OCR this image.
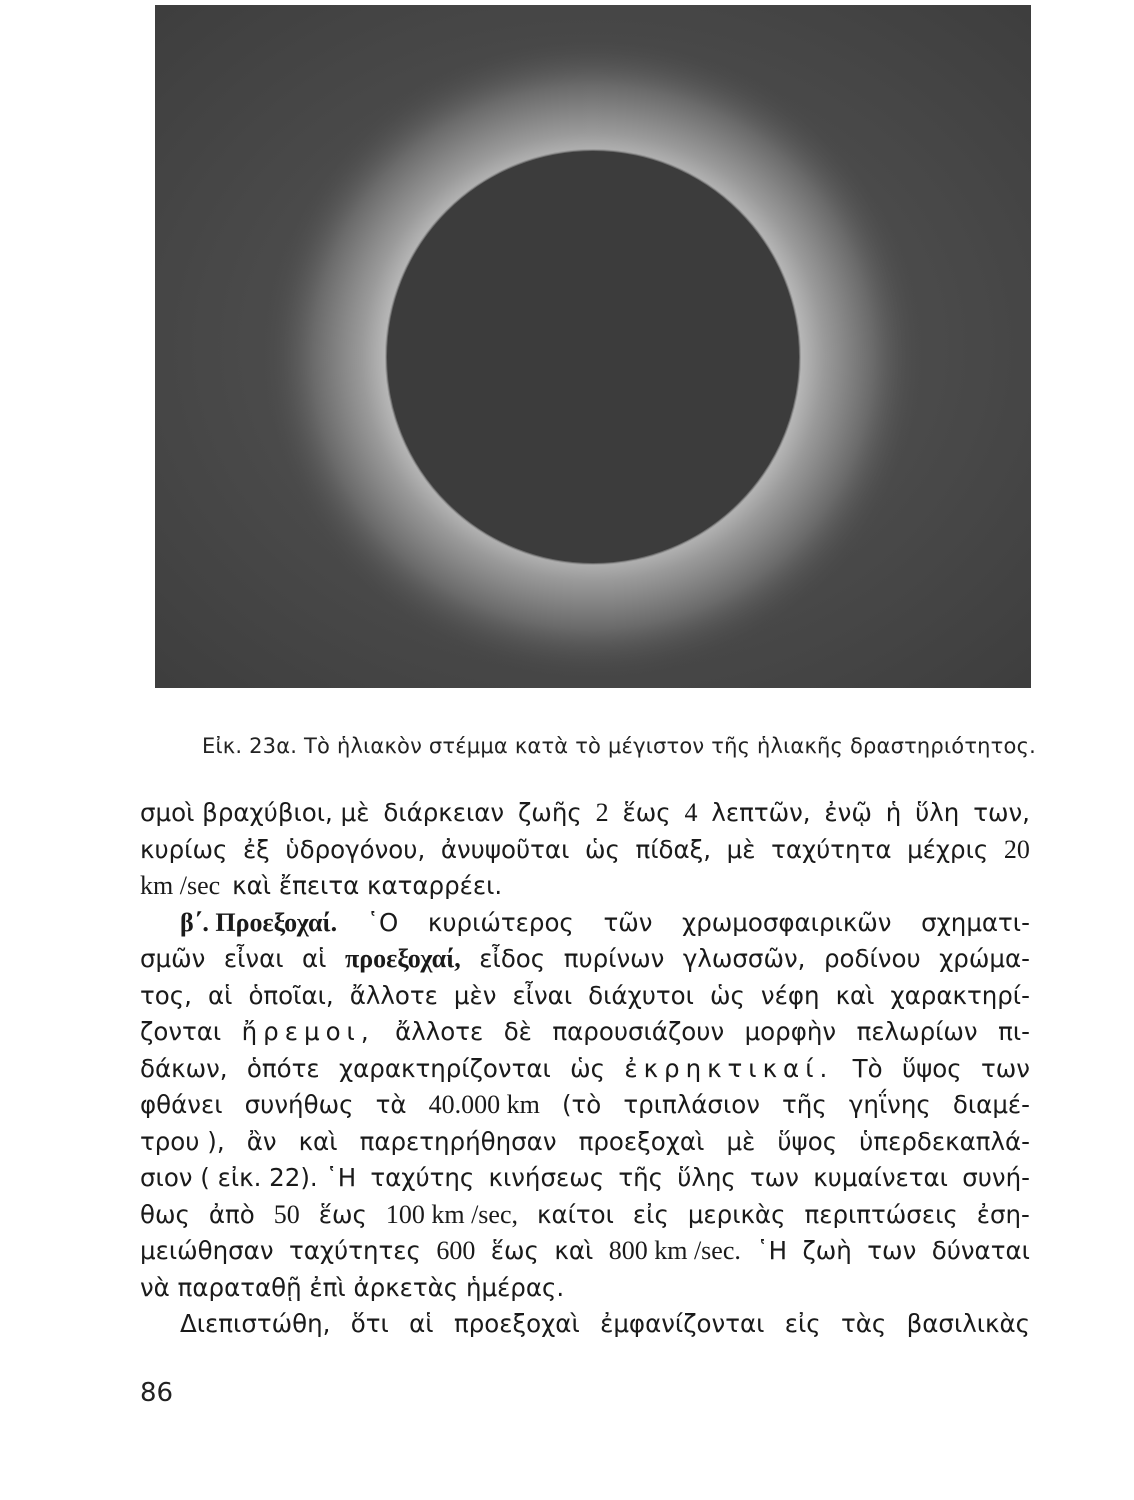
Εἰκ. 23α. Τὸ ἡλιακὸν στέμμα κατὰ τὸ μέγιστον τῆς ἡλιακῆς δραστηριότητος.
σμοὶ βραχύβιοι, μὲ διάρκειαν ζωῆς 2 ἕως 4 λεπτῶν, ἐνῷ ἡ ὕλη των,
κυρίως ἐξ ὑδρογόνου, ἀνυψοῦται ὡς πίδαξ, μὲ ταχύτητα μέχρις 20
km /sec καὶ ἔπειτα καταρρέει.
β΄. Προεξοχαί. ῾Ο κυριώτερος τῶν χρωμοσφαιρικῶν σχηματι-
σμῶν εἶναι αἱ προεξοχαί, εἶδος πυρίνων γλωσσῶν, ροδίνου χρώμα-
τος, αἱ ὁποῖαι, ἄλλοτε μὲν εἶναι διάχυτοι ὡς νέφη καὶ χαρακτηρί-
ζονται ἤρεμοι, ἄλλοτε δὲ παρουσιάζουν μορφὴν πελωρίων πι-
δάκων, ὁπότε χαρακτηρίζονται ὡς ἐκρηκτικαί. Τὸ ὕψος των
φθάνει συνήθως τὰ 40.000 km (τὸ τριπλάσιον τῆς γηΐνης διαμέ-
τρου ), ἂν καὶ παρετηρήθησαν προεξοχαὶ μὲ ὕψος ὑπερδεκαπλά-
σιον ( εἰκ. 22). ῾Η ταχύτης κινήσεως τῆς ὕλης των κυμαίνεται συνή-
θως ἀπὸ 50 ἕως 100 km /sec, καίτοι εἰς μερικὰς περιπτώσεις ἐση-
μειώθησαν ταχύτητες 600 ἕως καὶ 800 km /sec. ῾Η ζωὴ των δύναται
νὰ παραταθῇ ἐπὶ ἀρκετὰς ἡμέρας.
Διεπιστώθη, ὅτι αἱ προεξοχαὶ ἐμφανίζονται εἰς τὰς βασιλικὰς
86
